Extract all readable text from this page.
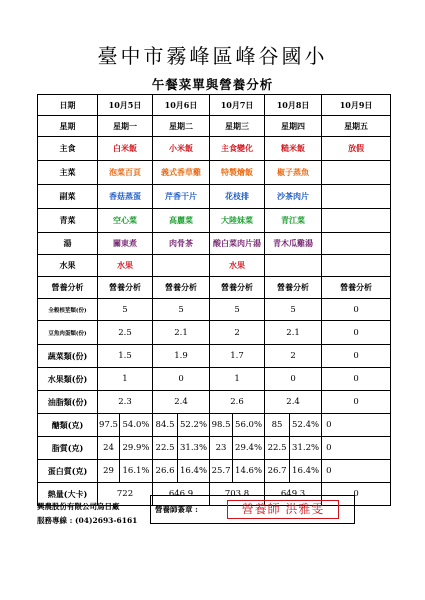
臺中市霧峰區峰谷國小
午餐菜單與營養分析
日期	10月5日		10月6日		10月7日		10月8日		10月9日
星期	星期一		星期二		星期三		星期四		星期五
主食	白米飯		小米飯		主食變化		糙米飯		放假
主菜	泡菜百頁		義式香草雞		特製燴飯		椒子蒸魚		
副菜	香菇蒸蛋		芹香干片		花枝排		沙茶肉片		
青菜	空心菜		高麗菜		大陸妹菜		青江菜		
湯	關東煮		肉骨茶		酸白菜肉片湯		青木瓜雞湯		
水果	水果				水果				
營養分析	營養分析		營養分析		營養分析		營養分析		營養分析
全穀根莖類(份)	5		5		5		5		0
豆魚肉蛋類(份)	2.5		2.1		2		2.1		0
蔬菜類(份)	1.5		1.9		1.7		2		0
水果類(份)	1		0		1		0		0
油脂類(份)	2.3		2.4		2.6		2.4		0
醣類(克)	97.5	54.0%	84.5	52.2%	98.5	56.0%	85	52.4%	0
脂質(克)	24	29.9%	22.5	31.3%	23	29.4%	22.5	31.2%	0
蛋白質(克)	29	16.1%	26.6	16.4%	25.7	14.6%	26.7	16.4%	0
熱量(大卡)	722		646.9		703.8		649.3		0
興農股份有限公司烏日廠
服務專線 : (04)2693-6161
營養師簽章 :	營養師 洪雅雯
